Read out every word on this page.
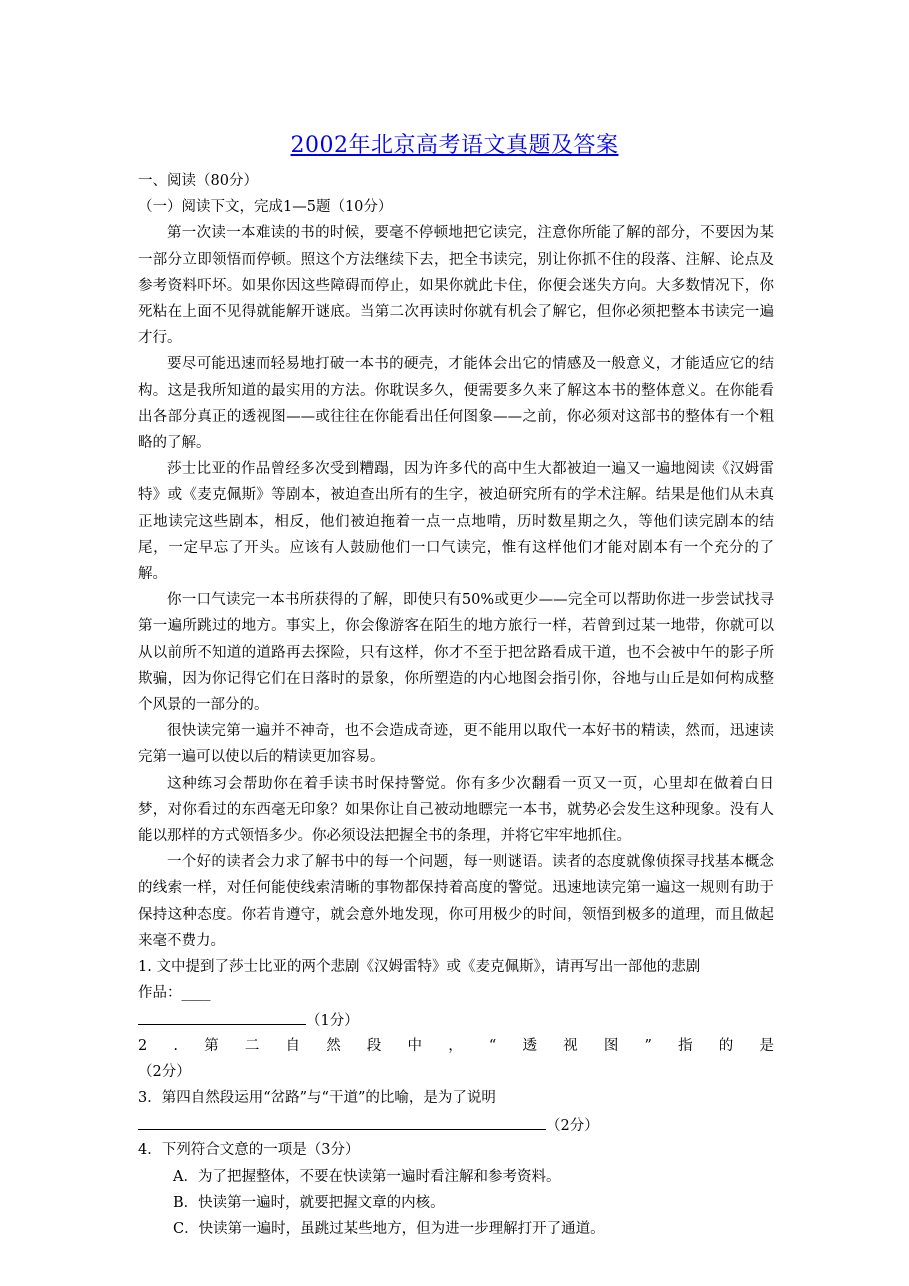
2002年北京高考语文真题及答案
一、阅读（80分）
（一）阅读下文，完成1—5题（10分）

第一次读一本难读的书的时候，要毫不停顿地把它读完，注意你所能了解的部分，不要因为某一部分立即领悟而停顿。照这个方法继续下去，把全书读完，别让你抓不住的段落、注解、论点及参考资料吓坏。如果你因这些障碍而停止，如果你就此卡住，你便会迷失方向。大多数情况下，你死粘在上面不见得就能解开谜底。当第二次再读时你就有机会了解它，但你必须把整本书读完一遍才行。

要尽可能迅速而轻易地打破一本书的硬壳，才能体会出它的情感及一般意义，才能适应它的结构。这是我所知道的最实用的方法。你耽误多久，便需要多久来了解这本书的整体意义。在你能看出各部分真正的透视图——或往往在你能看出任何图象——之前，你必须对这部书的整体有一个粗略的了解。

莎士比亚的作品曾经多次受到糟蹋，因为许多代的高中生大都被迫一遍又一遍地阅读《汉姆雷特》或《麦克佩斯》等剧本，被迫查出所有的生字，被迫研究所有的学术注解。结果是他们从未真正地读完这些剧本，相反，他们被迫拖着一点一点地啃，历时数星期之久，等他们读完剧本的结尾，一定早忘了开头。应该有人鼓励他们一口气读完，惟有这样他们才能对剧本有一个充分的了解。

你一口气读完一本书所获得的了解，即使只有50%或更少——完全可以帮助你进一步尝试找寻第一遍所跳过的地方。事实上，你会像游客在陌生的地方旅行一样，若曾到过某一地带，你就可以从以前所不知道的道路再去探险，只有这样，你才不至于把岔路看成干道，也不会被中午的影子所欺骗，因为你记得它们在日落时的景象，你所塑造的内心地图会指引你，谷地与山丘是如何构成整个风景的一部分的。

很快读完第一遍并不神奇，也不会造成奇迹，更不能用以取代一本好书的精读，然而，迅速读完第一遍可以使以后的精读更加容易。

这种练习会帮助你在着手读书时保持警觉。你有多少次翻看一页又一页，心里却在做着白日梦，对你看过的东西毫无印象？如果你让自己被动地瞟完一本书，就势必会发生这种现象。没有人能以那样的方式领悟多少。你必须设法把握全书的条理，并将它牢牢地抓住。

一个好的读者会力求了解书中的每一个问题，每一则谜语。读者的态度就像侦探寻找基本概念的线索一样，对任何能使线索清晰的事物都保持着高度的警觉。迅速地读完第一遍这一规则有助于保持这种态度。你若肯遵守，就会意外地发现，你可用极少的时间，领悟到极多的道理，而且做起来毫不费力。

1. 文中提到了莎士比亚的两个悲剧《汉姆雷特》或《麦克佩斯》，请再写出一部他的悲剧
作品：____
（1分）
2 . 第 二 自 然 段 中 ， “ 透 视 图 ” 指 的 是
（2分）
3．第四自然段运用“岔路”与“干道”的比喻，是为了说明
（2分）
4．下列符合文意的一项是（3分）
A．为了把握整体，不要在快读第一遍时看注解和参考资料。
B．快读第一遍时，就要把握文章的内核。
C．快读第一遍时，虽跳过某些地方，但为进一步理解打开了通道。
